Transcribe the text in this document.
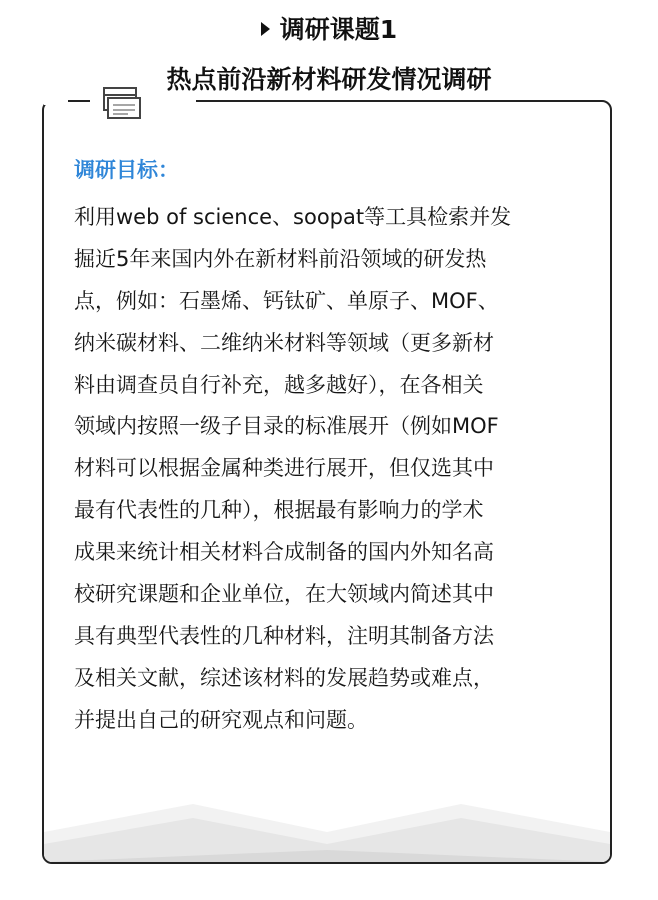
调研课题1
热点前沿新材料研发情况调研
调研目标：
利用web of science、soopat等工具检索并发
掘近5年来国内外在新材料前沿领域的研发热
点，例如：石墨烯、钙钛矿、单原子、MOF、
纳米碳材料、二维纳米材料等领域（更多新材
料由调查员自行补充，越多越好），在各相关
领域内按照一级子目录的标准展开（例如MOF
材料可以根据金属种类进行展开，但仅选其中
最有代表性的几种），根据最有影响力的学术
成果来统计相关材料合成制备的国内外知名高
校研究课题和企业单位，在大领域内简述其中
具有典型代表性的几种材料，注明其制备方法
及相关文献，综述该材料的发展趋势或难点，
并提出自己的研究观点和问题。
